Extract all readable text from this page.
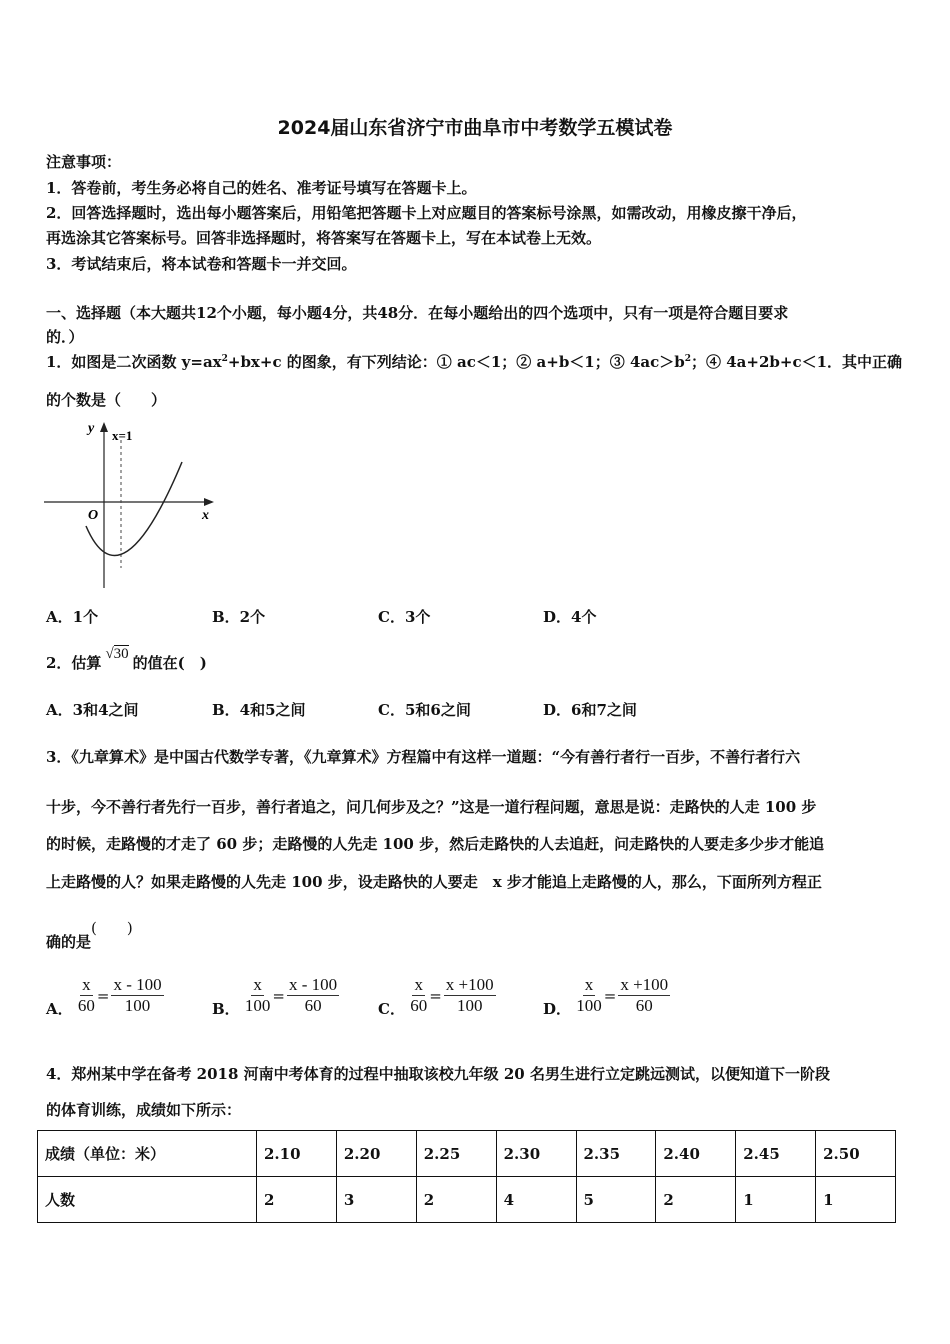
2024届山东省济宁市曲阜市中考数学五模试卷
注意事项：
1．答卷前，考生务必将自己的姓名、准考证号填写在答题卡上。
2．回答选择题时，选出每小题答案后，用铅笔把答题卡上对应题目的答案标号涂黑，如需改动，用橡皮擦干净后，
再选涂其它答案标号。回答非选择题时，将答案写在答题卡上，写在本试卷上无效。
3．考试结束后，将本试卷和答题卡一并交回。
一、选择题（本大题共12个小题，每小题4分，共48分．在每小题给出的四个选项中，只有一项是符合题目要求
的．）
1．如图是二次函数 $y=ax^2+bx+c$ 的图象，有下列结论：① ac＜1；② a+b＜1；③ $4ac>b^2$；④ 4a+2b+c＜1．其中正确
的个数是（　　）
y
x
O
x=1
A．1个	B．2个	C．3个	D．4个
2．估算 √30 的值在(　)
A．3和4之间	B．4和5之间	C．5和6之间	D．6和7之间
3．《九章算术》是中国古代数学专著，《九章算术》方程篇中有这样一道题：“今有善行者行一百步，不善行者行六
十步，今不善行者先行一百步，善行者追之，问几何步及之？”这是一道行程问题，意思是说：走路快的人走 100 步
的时候，走路慢的才走了 60 步；走路慢的人先走 100 步，然后走路快的人去追赶，问走路快的人要走多少步才能追
上走路慢的人？如果走路慢的人先走 100 步，设走路快的人要走　x 步才能追上走路慢的人，那么，下面所列方程正
确的是(　　)
A． $\frac{x}{60} = \frac{x - 100}{100}$	B． $\frac{x}{100} = \frac{x - 100}{60}$	C． $\frac{x}{60} = \frac{x +100}{100}$	D． $\frac{x}{100} = \frac{x +100}{60}$
4．郑州某中学在备考 2018 河南中考体育的过程中抽取该校九年级 20 名男生进行立定跳远测试，以便知道下一阶段
的体育训练，成绩如下所示：
成绩（单位：米）	2.10	2.20	2.25	2.30	2.35	2.40	2.45	2.50
人数	2	3	2	4	5	2	1	1
